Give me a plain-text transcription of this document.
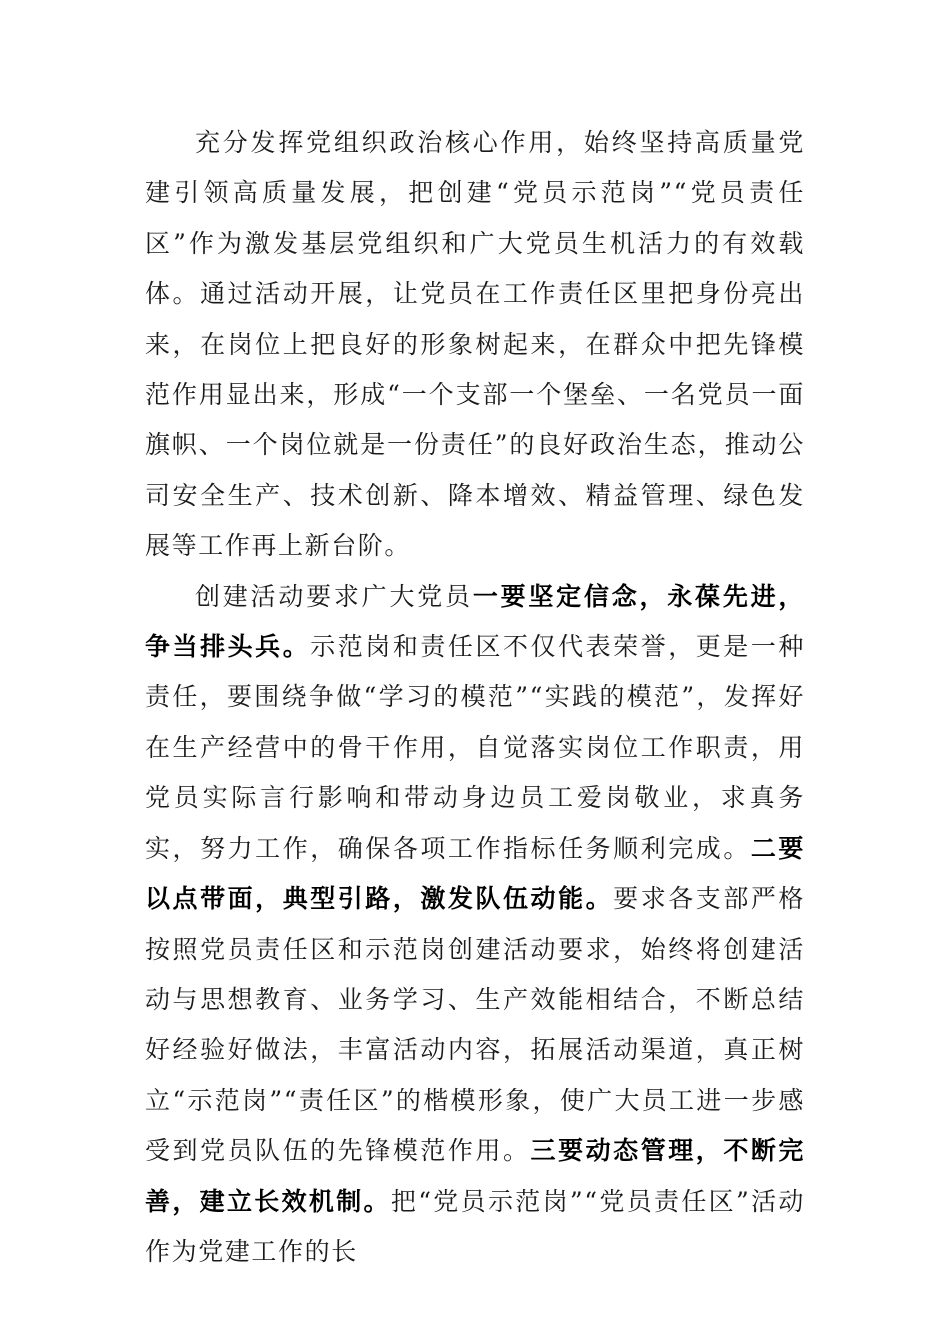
充分发挥党组织政治核心作用，始终坚持高质量党建引领高质量发展，把创建“党员示范岗”“党员责任区”作为激发基层党组织和广大党员生机活力的有效载体。通过活动开展，让党员在工作责任区里把身份亮出来，在岗位上把良好的形象树起来，在群众中把先锋模范作用显出来，形成“一个支部一个堡垒、一名党员一面旗帜、一个岗位就是一份责任”的良好政治生态，推动公司安全生产、技术创新、降本增效、精益管理、绿色发展等工作再上新台阶。

创建活动要求广大党员一要坚定信念，永葆先进，争当排头兵。示范岗和责任区不仅代表荣誉，更是一种责任，要围绕争做“学习的模范”“实践的模范”，发挥好在生产经营中的骨干作用，自觉落实岗位工作职责，用党员实际言行影响和带动身边员工爱岗敬业，求真务实，努力工作，确保各项工作指标任务顺利完成。二要以点带面，典型引路，激发队伍动能。要求各支部严格按照党员责任区和示范岗创建活动要求，始终将创建活动与思想教育、业务学习、生产效能相结合，不断总结好经验好做法，丰富活动内容，拓展活动渠道，真正树立“示范岗”“责任区”的楷模形象，使广大员工进一步感受到党员队伍的先锋模范作用。三要动态管理，不断完善，建立长效机制。把“党员示范岗”“党员责任区”活动作为党建工作的长
